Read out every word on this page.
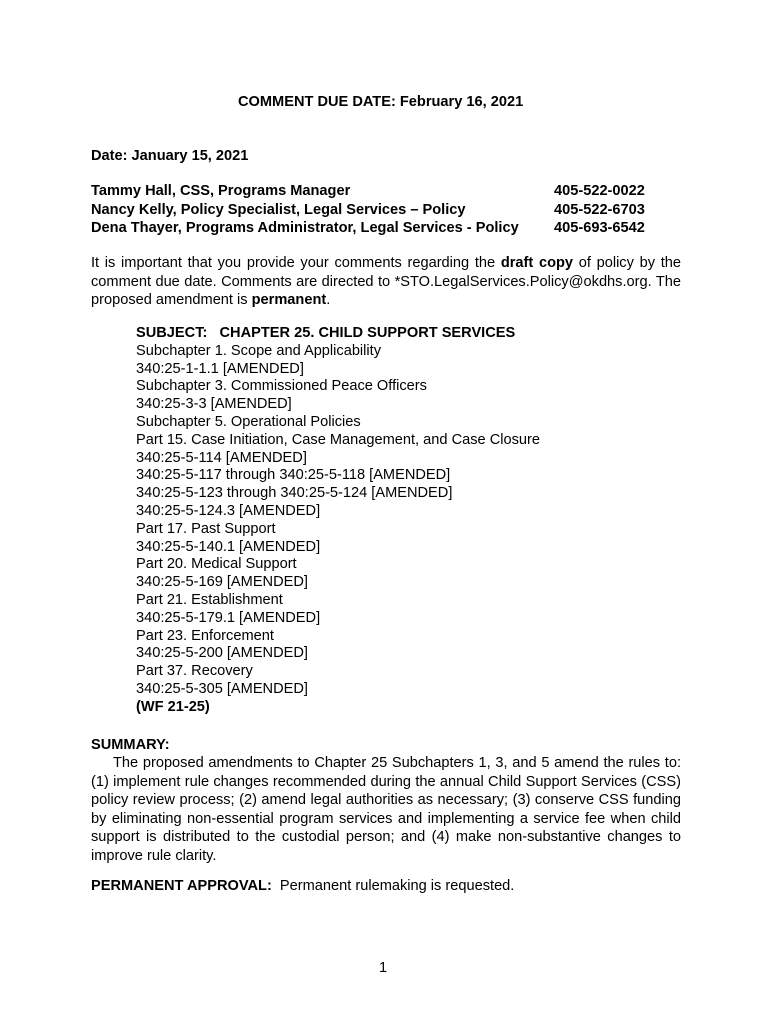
COMMENT DUE DATE: February 16, 2021
Date: January 15, 2021
Tammy Hall, CSS, Programs Manager	405-522-0022
Nancy Kelly, Policy Specialist, Legal Services – Policy	405-522-6703
Dena Thayer, Programs Administrator, Legal Services - Policy 405-693-6542
It is important that you provide your comments regarding the draft copy of policy by the comment due date. Comments are directed to *STO.LegalServices.Policy@okdhs.org. The proposed amendment is permanent.
SUBJECT:   CHAPTER 25. CHILD SUPPORT SERVICES
Subchapter 1. Scope and Applicability
340:25-1-1.1 [AMENDED]
Subchapter 3. Commissioned Peace Officers
340:25-3-3 [AMENDED]
Subchapter 5. Operational Policies
Part 15. Case Initiation, Case Management, and Case Closure
340:25-5-114 [AMENDED]
340:25-5-117 through 340:25-5-118 [AMENDED]
340:25-5-123 through 340:25-5-124 [AMENDED]
340:25-5-124.3 [AMENDED]
Part 17. Past Support
340:25-5-140.1 [AMENDED]
Part 20. Medical Support
340:25-5-169 [AMENDED]
Part 21. Establishment
340:25-5-179.1 [AMENDED]
Part 23. Enforcement
340:25-5-200 [AMENDED]
Part 37. Recovery
340:25-5-305 [AMENDED]
(WF 21-25)
SUMMARY:
The proposed amendments to Chapter 25 Subchapters 1, 3, and 5 amend the rules to: (1) implement rule changes recommended during the annual Child Support Services (CSS) policy review process; (2) amend legal authorities as necessary; (3) conserve CSS funding by eliminating non-essential program services and implementing a service fee when child support is distributed to the custodial person; and (4) make non-substantive changes to improve rule clarity.
PERMANENT APPROVAL:  Permanent rulemaking is requested.
1
